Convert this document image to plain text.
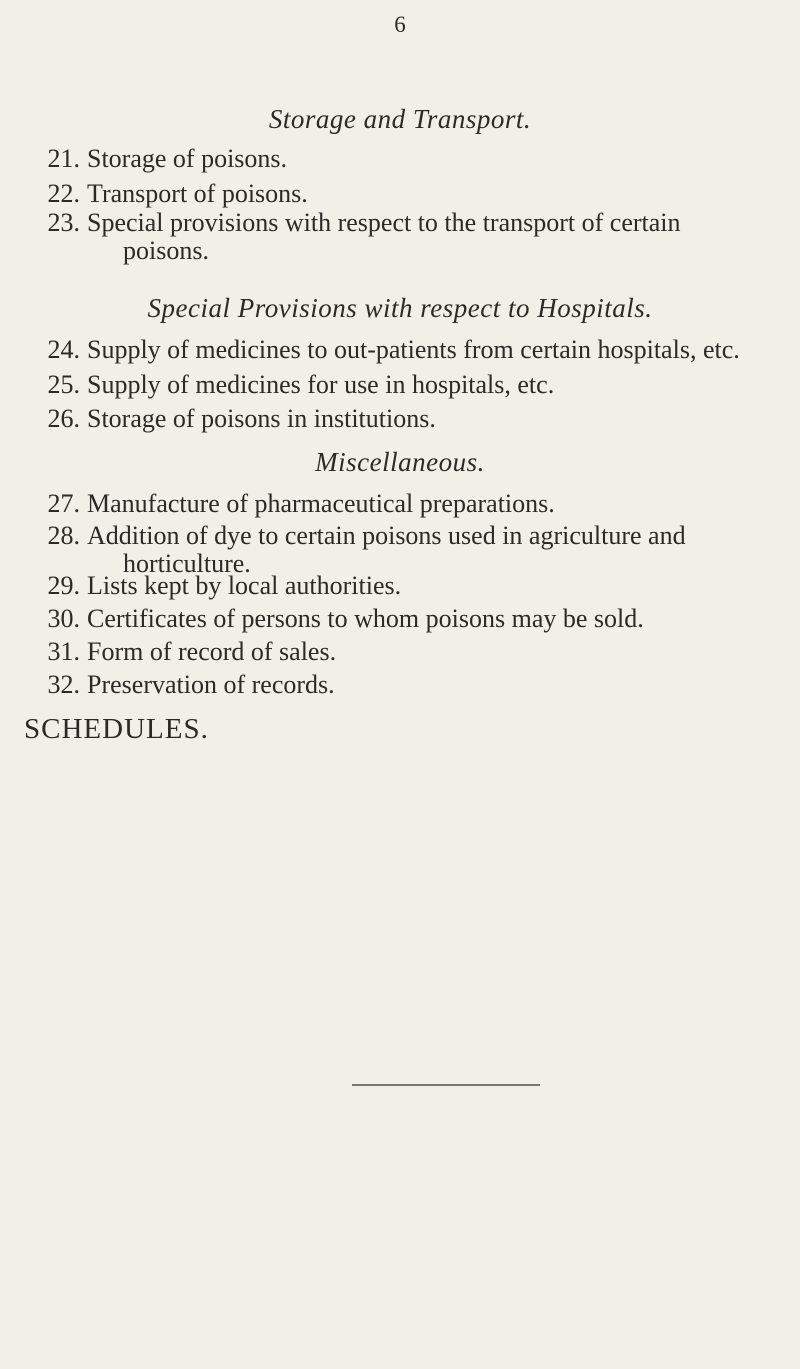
6
Storage and Transport.
21. Storage of poisons.
22. Transport of poisons.
23. Special provisions with respect to the transport of certain
poisons.
Special Provisions with respect to Hospitals.
24. Supply of medicines to out-patients from certain hospitals, etc.
25. Supply of medicines for use in hospitals, etc.
26. Storage of poisons in institutions.
Miscellaneous.
27. Manufacture of pharmaceutical preparations.
28. Addition of dye to certain poisons used in agriculture and
horticulture.
29. Lists kept by local authorities.
30. Certificates of persons to whom poisons may be sold.
31. Form of record of sales.
32. Preservation of records.
SCHEDULES.
